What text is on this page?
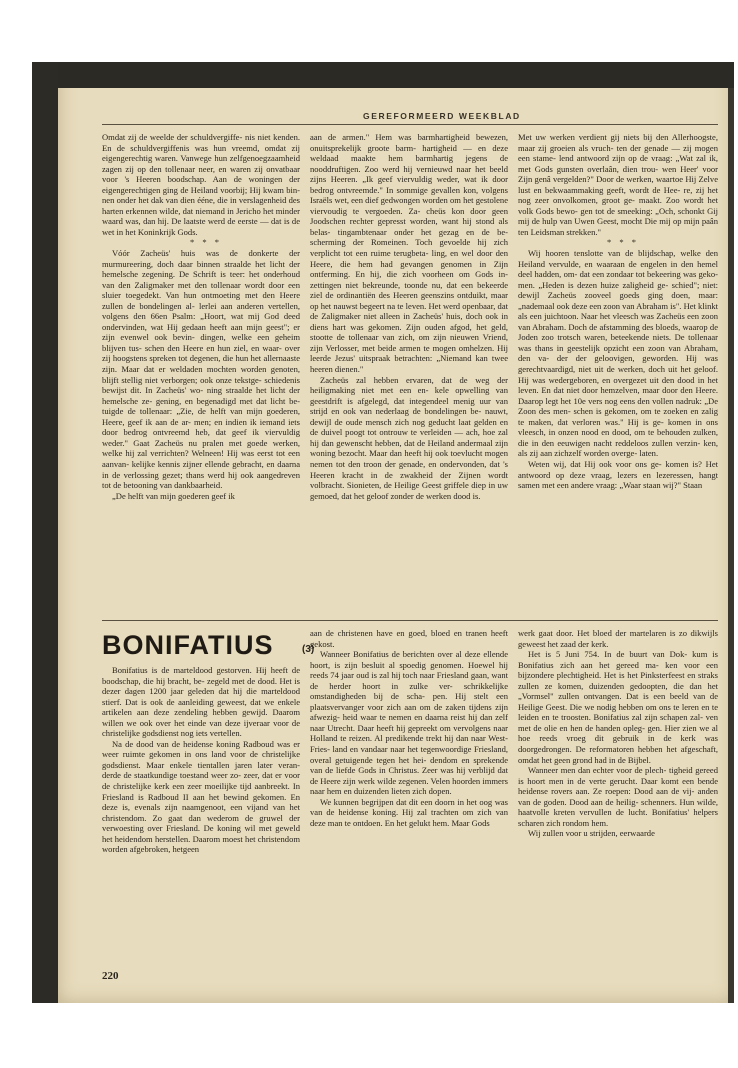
GEREFORMEERD WEEKBLAD

Omdat zij de weelde der schuldvergiffe- nis niet kenden. En de schuldvergiffenis was hun vreemd, omdat zij eigengerechtig waren. Vanwege hun zelfgenoegzaamheid zagen zij op den tollenaar neer, en waren zij onvatbaar voor 's Heeren boodschap. Aan de woningen der eigengerechtigen ging de Heiland voorbij; Hij kwam bin- nen onder het dak van dien ééne, die in verslagenheid des harten erkennen wilde, dat niemand in Jericho het minder waard was, dan hij. De laatste werd de eerste — dat is de wet in het Koninkrijk Gods.

* * *

Vóór Zacheüs' huis was de donkerte der murmureering, doch daar binnen straalde het licht der hemelsche zegening. De Schrift is teer: het onderhoud van den Zaligmaker met den tollenaar wordt door een sluier toegedekt. Van hun ontmoeting met den Heere zullen de bondelingen al- lerlei aan anderen vertellen, volgens den 66en Psalm: „Hoort, wat mij God deed ondervinden, wat Hij gedaan heeft aan mijn geest"; er zijn evenwel ook bevin- dingen, welke een geheim blijven tus- schen den Heere en hun ziel, en waar- over zij hoogstens spreken tot degenen, die hun het allernaaste zijn. Maar dat er weldaden mochten worden genoten, blijft stellig niet verborgen; ook onze tekstge- schiedenis bewijst dit. In Zacheüs' wo- ning straalde het licht der hemelsche ze- gening, en begenadigd met dat licht be- tuigde de tollenaar: „Zie, de helft van mijn goederen, Heere, geef ik aan de ar- men; en indien ik iemand iets door bedrog ontvreemd heb, dat geef ik viervuldig weder." Gaat Zacheüs nu pralen met goede werken, welke hij zal verrichten? Welneen! Hij was eerst tot een aanvan- kelijke kennis zijner ellende gebracht, en daarna in de verlossing gezet; thans werd hij ook aangedreven tot de betooning van dankbaarheid.

„De helft van mijn goederen geef ik

aan de armen." Hem was barmhartigheid bewezen, onuitsprekelijk groote barm- hartigheid — en deze weldaad maakte hem barmhartig jegens de nooddruftigen. Zoo werd hij vernieuwd naar het beeld zijns Heeren. „Ik geef viervuldig weder, wat ik door bedrog ontvreemde." In sommige gevallen kon, volgens Israëls wet, een dief gedwongen worden om het gestolene viervoudig te vergoeden. Za- cheüs kon door geen Joodschen rechter gepresst worden, want hij stond als belas- tingambtenaar onder het gezag en de be- scherming der Romeinen. Toch gevoelde hij zich verplicht tot een ruime terugbeta- ling, en wel door den Heere, die hem had gevangen genomen in Zijn ontferming. En hij, die zich voorheen om Gods in- zettingen niet bekreunde, toonde nu, dat een bekeerde ziel de ordinantiën des Heeren geenszins ontduikt, maar op het nauwst begeert na te leven. Het werd openbaar, dat de Zaligmaker niet alleen in Zacheüs' huis, doch ook in diens hart was gekomen. Zijn ouden afgod, het geld, stootte de tollenaar van zich, om zijn nieuwen Vriend, zijn Verlosser, met beide armen te mogen omhelzen. Hij leerde Jezus' uitspraak betrachten: „Niemand kan twee heeren dienen."

Zacheüs zal hebben ervaren, dat de weg der heiligmaking niet met een en- kele opwelling van geestdrift is afgelegd, dat integendeel menig uur van strijd en ook van nederlaag de bondelingen be- nauwt, dewijl de oude mensch zich nog geducht laat gelden en de duivel poogt tot ontrouw te verleiden — ach, hoe zal hij dan gewenscht hebben, dat de Heiland andermaal zijn woning bezocht. Maar dan heeft hij ook toevlucht mogen nemen tot den troon der genade, en ondervonden, dat 's Heeren kracht in de zwakheid der Zijnen wordt volbracht. Sionieten, de Heilige Geest griffele diep in uw gemoed, dat het geloof zonder de werken dood is.

Met uw werken verdient gij niets bij den Allerhoogste, maar zij groeien als vruch- ten der genade — zij mogen een stame- lend antwoord zijn op de vraag: „Wat zal ik, met Gods gunsten overlaân, dien trou- wen Heer' voor Zijn genâ vergelden?" Door de werken, waartoe Hij Zelve lust en bekwaammaking geeft, wordt de Hee- re, zij het nog zeer onvolkomen, groot ge- maakt. Zoo wordt het volk Gods bewo- gen tot de smeeking: „Och, schonkt Gij mij de hulp van Uwen Geest, mocht Die mij op mijn paân ten Leidsman strekken."

* * *

Wij hooren tenslotte van de blijdschap, welke den Heiland vervulde, en waaraan de engelen in den hemel deel hadden, om- dat een zondaar tot bekeering was geko- men. „Heden is dezen huize zaligheid ge- schied"; niet: dewijl Zacheüs zooveel goeds ging doen, maar: „nademaal ook deze een zoon van Abraham is". Het klinkt als een juichtoon. Naar het vleesch was Zacheüs een zoon van Abraham. Doch de afstamming des bloeds, waarop de Joden zoo trotsch waren, beteekende niets. De tollenaar was thans in geestelijk opzicht een zoon van Abraham, den va- der der geloovigen, geworden. Hij was gerechtvaardigd, niet uit de werken, doch uit het geloof. Hij was wedergeboren, en overgezet uit den dood in het leven. En dat niet door hemzelven, maar door den Heere. Daarop legt het 10e vers nog eens den vollen nadruk: „De Zoon des men- schen is gekomen, om te zoeken en zalig te maken, dat verloren was." Hij is ge- komen in ons vleesch, in onzen nood en dood, om te behouden zulken, die in den eeuwigen nacht reddeloos zullen verzin- ken, als zij aan zichzelf worden overge- laten.

Weten wij, dat Hij ook voor ons ge- komen is? Het antwoord op deze vraag, lezers en lezeressen, hangt samen met een andere vraag: „Waar staan wij?" Staan

BONIFATIUS	(3)

Bonifatius is de marteldood gestorven. Hij heeft de boodschap, die hij bracht, be- zegeld met de dood. Het is dezer dagen 1200 jaar geleden dat hij die marteldood stierf. Dat is ook de aanleiding geweest, dat we enkele artikelen aan deze zendeling hebben gewijd. Daarom willen we ook over het einde van deze ijveraar voor de christelijke godsdienst nog iets vertellen.

Na de dood van de heidense koning Radboud was er weer ruimte gekomen in ons land voor de christelijke godsdienst. Maar enkele tientallen jaren later veran- derde de staatkundige toestand weer zo- zeer, dat er voor de christelijke kerk een zeer moeilijke tijd aanbreekt. In Friesland is Radboud II aan het bewind gekomen. En deze is, evenals zijn naamgenoot, een vijand van het christendom. Zo gaat dan wederom de gruwel der verwoesting over Friesland. De koning wil met geweld het heidendom herstellen. Daarom moest het christendom worden afgebroken, hetgeen

aan de christenen have en goed, bloed en tranen heeft gekost.

Wanneer Bonifatius de berichten over al deze ellende hoort, is zijn besluit al spoedig genomen. Hoewel hij reeds 74 jaar oud is zal hij toch naar Friesland gaan, want de herder hoort in zulke ver- schrikkelijke omstandigheden bij de scha- pen. Hij stelt een plaatsvervanger voor zich aan om de zaken tijdens zijn afwezig- heid waar te nemen en daarna reist hij dan zelf naar Utrecht. Daar heeft hij gepreekt om vervolgens naar Holland te reizen. Al predikende trekt hij dan naar West-Fries- land en vandaar naar het tegenwoordige Friesland, overal getuigende tegen het hei- dendom en sprekende van de liefde Gods in Christus. Zeer was hij verblijd dat de Heere zijn werk wilde zegenen. Velen hoorden immers naar hem en duizenden lieten zich dopen.

We kunnen begrijpen dat dit een doorn in het oog was van de heidense koning. Hij zal trachten om zich van deze man te ontdoen. En het gelukt hem. Maar Gods

werk gaat door. Het bloed der martelaren is zo dikwijls geweest het zaad der kerk.

Het is 5 Juni 754. In de buurt van Dok- kum is Bonifatius zich aan het gereed ma- ken voor een bijzondere plechtigheid. Het is het Pinksterfeest en straks zullen ze komen, duizenden gedoopten, die dan het „Vormsel" zullen ontvangen. Dat is een beeld van de Heilige Geest. Die we nodig hebben om ons te leren en te leiden en te troosten. Bonifatius zal zijn schapen zal- ven met de olie en hen de handen opleg- gen. Hier zien we al hoe reeds vroeg dit gebruik in de kerk was doorgedrongen. De reformatoren hebben het afgeschaft, omdat het geen grond had in de Bijbel.

Wanneer men dan echter voor de plech- tigheid gereed is hoort men in de verte gerucht. Daar komt een bende heidense rovers aan. Ze roepen: Dood aan de vij- anden van de goden. Dood aan de heilig- schenners. Hun wilde, haatvolle kreten vervullen de lucht. Bonifatius' helpers scharen zich rondom hem.

Wij zullen voor u strijden, eerwaarde

220
